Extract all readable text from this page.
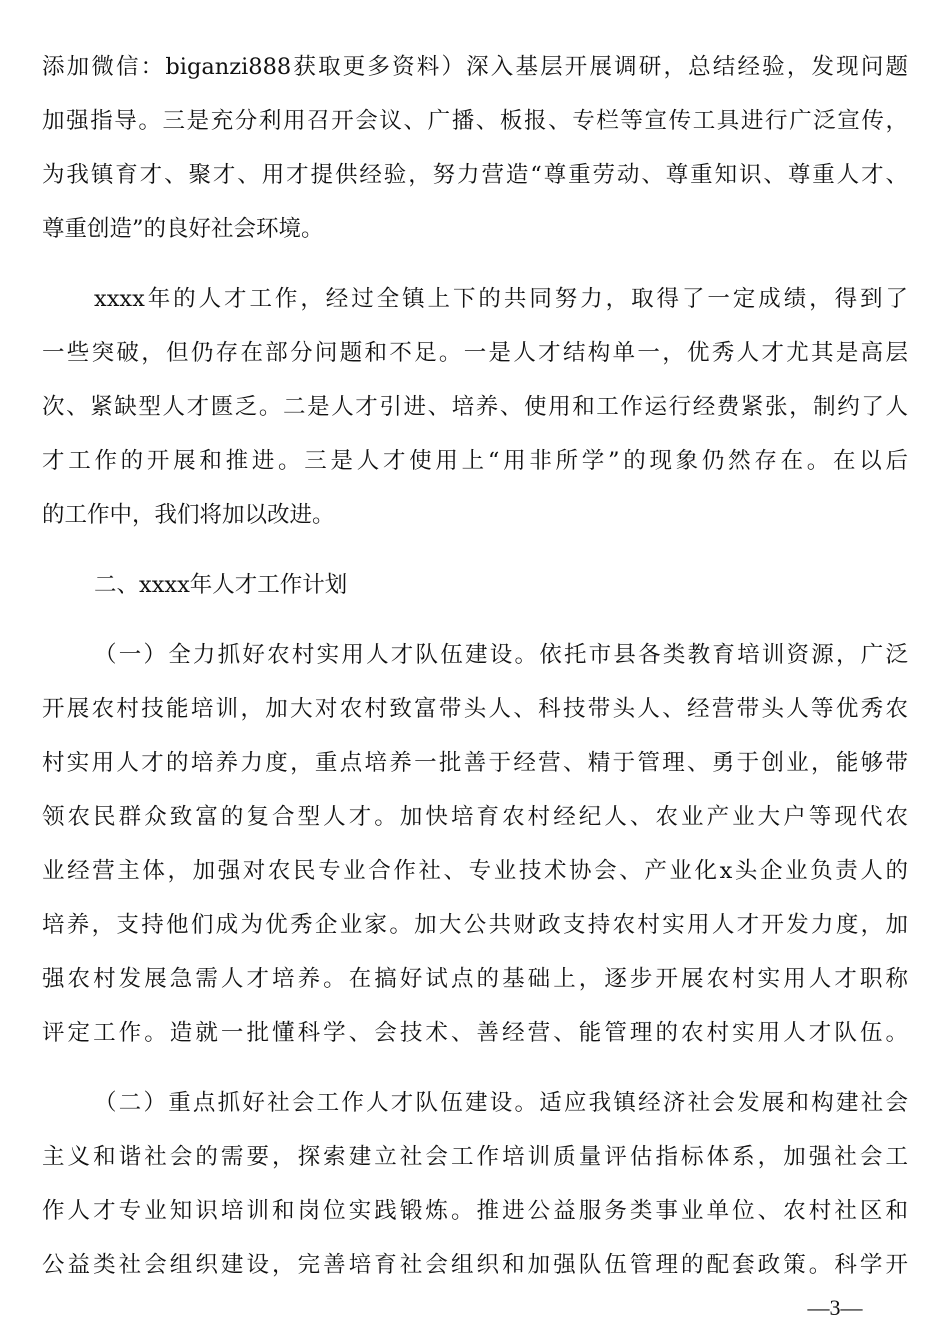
添加微信：biganzi888获取更多资料）深入基层开展调研，总结经验，发现问题
加强指导。三是充分利用召开会议、广播、板报、专栏等宣传工具进行广泛宣传，
为我镇育才、聚才、用才提供经验，努力营造“尊重劳动、尊重知识、尊重人才、
尊重创造”的良好社会环境。
xxxx年的人才工作，经过全镇上下的共同努力，取得了一定成绩，得到了
一些突破，但仍存在部分问题和不足。一是人才结构单一，优秀人才尤其是高层
次、紧缺型人才匮乏。二是人才引进、培养、使用和工作运行经费紧张，制约了人
才工作的开展和推进。三是人才使用上“用非所学”的现象仍然存在。在以后
的工作中，我们将加以改进。
二、xxxx年人才工作计划
（一）全力抓好农村实用人才队伍建设。依托市县各类教育培训资源，广泛
开展农村技能培训，加大对农村致富带头人、科技带头人、经营带头人等优秀农
村实用人才的培养力度，重点培养一批善于经营、精于管理、勇于创业，能够带
领农民群众致富的复合型人才。加快培育农村经纪人、农业产业大户等现代农
业经营主体，加强对农民专业合作社、专业技术协会、产业化x头企业负责人的
培养，支持他们成为优秀企业家。加大公共财政支持农村实用人才开发力度，加
强农村发展急需人才培养。在搞好试点的基础上，逐步开展农村实用人才职称
评定工作。造就一批懂科学、会技术、善经营、能管理的农村实用人才队伍。
（二）重点抓好社会工作人才队伍建设。适应我镇经济社会发展和构建社会
主义和谐社会的需要，探索建立社会工作培训质量评估指标体系，加强社会工
作人才专业知识培训和岗位实践锻炼。推进公益服务类事业单位、农村社区和
公益类社会组织建设，完善培育社会组织和加强队伍管理的配套政策。科学开
—3—
